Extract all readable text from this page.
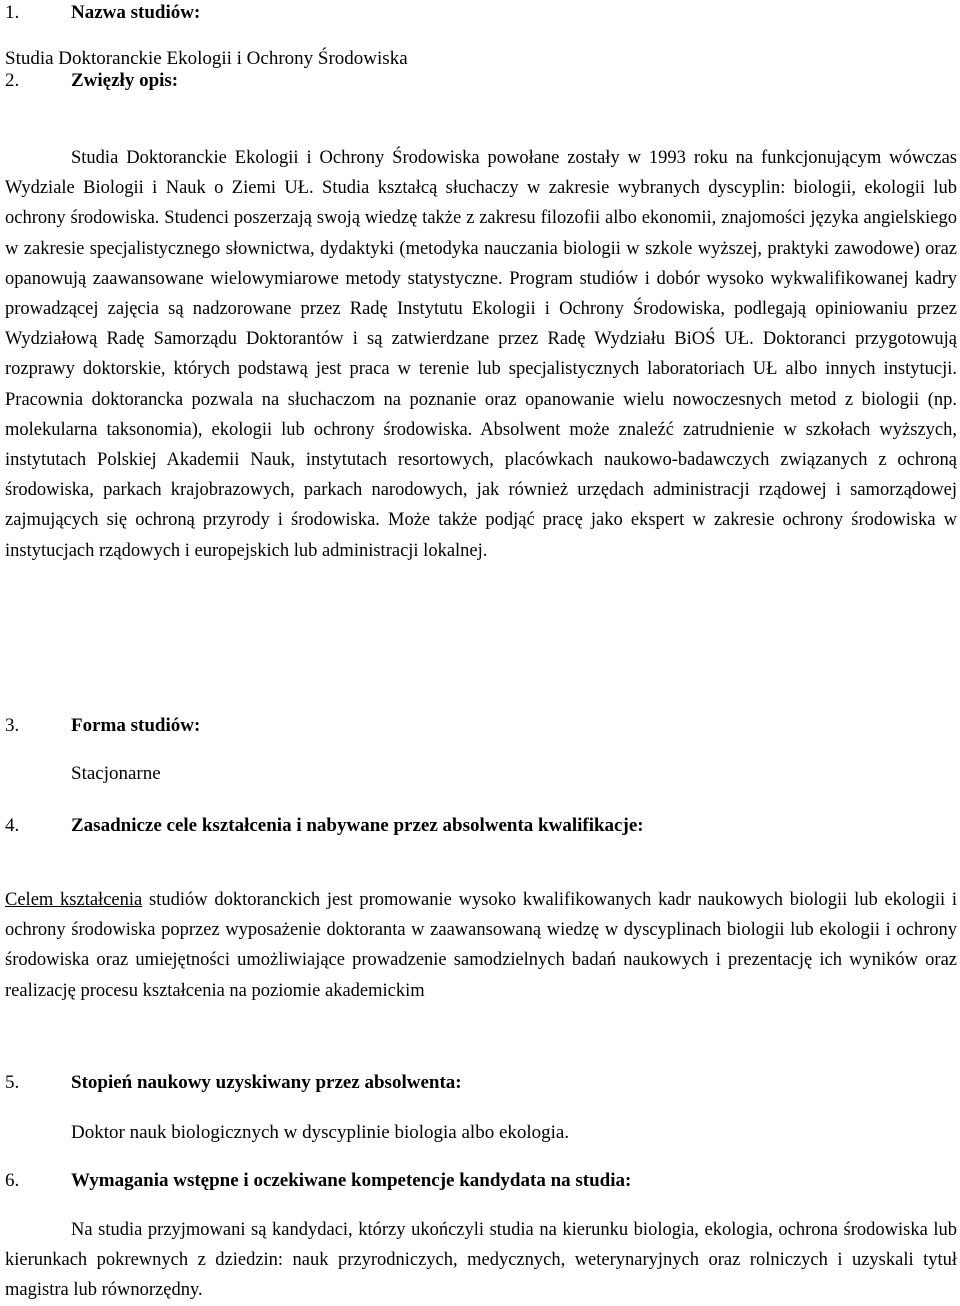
1.	Nazwa studiów:
Studia Doktoranckie Ekologii i Ochrony Środowiska
2.	Zwięzły opis:
Studia Doktoranckie Ekologii i Ochrony Środowiska powołane zostały w 1993 roku na funkcjonującym wówczas Wydziale Biologii i Nauk o Ziemi UŁ. Studia kształcą słuchaczy w zakresie wybranych dyscyplin: biologii, ekologii lub ochrony środowiska. Studenci poszerzają swoją wiedzę także z zakresu filozofii albo ekonomii, znajomości języka angielskiego w zakresie specjalistycznego słownictwa, dydaktyki (metodyka nauczania biologii w szkole wyższej, praktyki zawodowe) oraz opanowują zaawansowane wielowymiarowe metody statystyczne. Program studiów i dobór wysoko wykwalifikowanej kadry prowadzącej zajęcia są nadzorowane przez Radę Instytutu Ekologii i Ochrony Środowiska, podlegają opiniowaniu przez Wydziałową Radę Samorządu Doktorantów i są zatwierdzane przez Radę Wydziału BiOŚ UŁ. Doktoranci przygotowują rozprawy doktorskie, których podstawą jest praca w terenie lub specjalistycznych laboratoriach UŁ albo innych instytucji. Pracownia doktorancka pozwala na słuchaczom na poznanie oraz opanowanie wielu nowoczesnych metod z biologii (np. molekularna taksonomia), ekologii lub ochrony środowiska. Absolwent może znaleźć zatrudnienie w szkołach wyższych, instytutach Polskiej Akademii Nauk, instytutach resortowych, placówkach naukowo-badawczych związanych z ochroną środowiska, parkach krajobrazowych, parkach narodowych, jak również urzędach administracji rządowej i samorządowej zajmujących się ochroną przyrody i środowiska. Może także podjąć pracę jako ekspert w zakresie ochrony środowiska w instytucjach rządowych i europejskich lub administracji lokalnej.
3.	Forma studiów:
Stacjonarne
4.	Zasadnicze cele kształcenia i nabywane przez absolwenta kwalifikacje:
Celem kształcenia studiów doktoranckich jest promowanie wysoko kwalifikowanych kadr naukowych biologii lub ekologii i ochrony środowiska poprzez wyposażenie doktoranta w zaawansowaną wiedzę w dyscyplinach biologii lub ekologii i ochrony środowiska oraz umiejętności umożliwiające prowadzenie samodzielnych badań naukowych i prezentację ich wyników oraz realizację procesu kształcenia na poziomie akademickim
5.	Stopień naukowy uzyskiwany przez absolwenta:
Doktor nauk biologicznych w dyscyplinie biologia albo ekologia.
6.	Wymagania wstępne i oczekiwane kompetencje kandydata na studia:
Na studia przyjmowani są kandydaci, którzy ukończyli studia na kierunku biologia, ekologia, ochrona środowiska lub kierunkach pokrewnych z dziedzin: nauk przyrodniczych, medycznych, weterynaryjnych oraz rolniczych i uzyskali tytuł magistra lub równorzędny.
